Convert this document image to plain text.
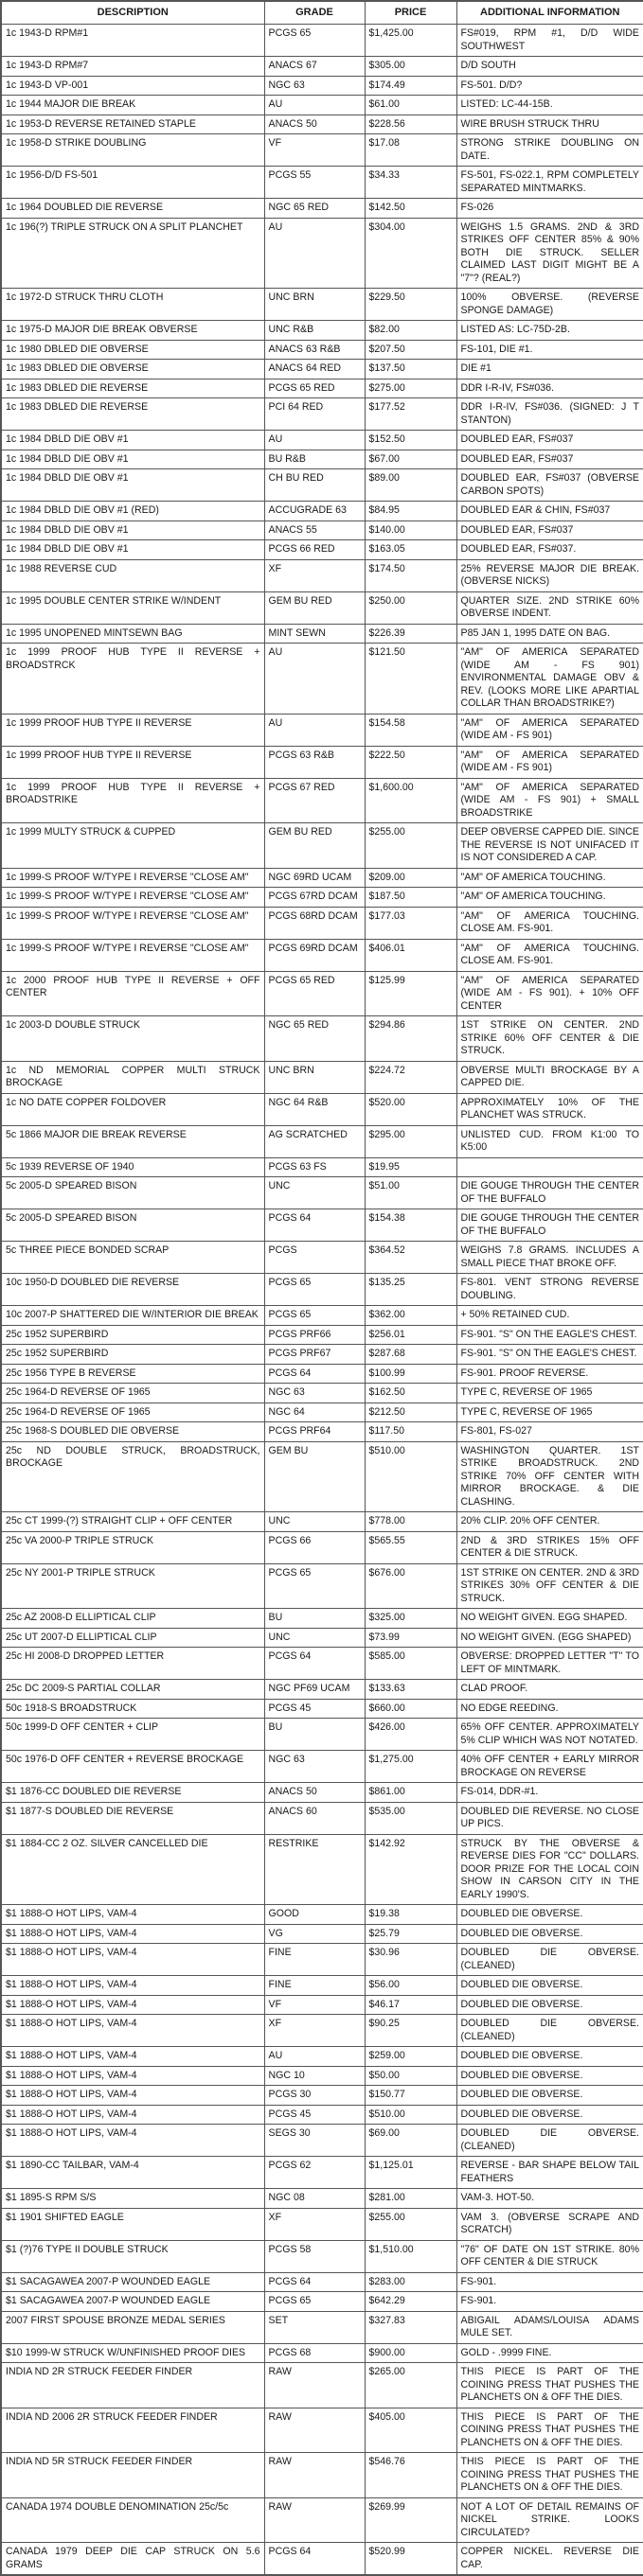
DESCRIPTION	GRADE	PRICE	ADDITIONAL INFORMATION
1c 1943-D RPM#1	PCGS 65	$1,425.00	FS#019, RPM #1, D/D WIDE SOUTHWEST
1c 1943-D RPM#7	ANACS 67	$305.00	D/D SOUTH
1c 1943-D VP-001	NGC 63	$174.49	FS-501. D/D?
1c 1944 MAJOR DIE BREAK	AU	$61.00	LISTED: LC-44-15B.
1c 1953-D REVERSE RETAINED STAPLE	ANACS 50	$228.56	WIRE BRUSH STRUCK THRU
1c 1958-D STRIKE DOUBLING	VF	$17.08	STRONG STRIKE DOUBLING ON DATE.
1c 1956-D/D FS-501	PCGS 55	$34.33	FS-501, FS-022.1, RPM COMPLETELY SEPARATED MINTMARKS.
1c 1964 DOUBLED DIE REVERSE	NGC 65 RED	$142.50	FS-026
1c 196(?) TRIPLE STRUCK ON A SPLIT PLANCHET	AU	$304.00	WEIGHS 1.5 GRAMS. 2ND & 3RD STRIKES OFF CENTER 85% & 90% BOTH DIE STRUCK. SELLER CLAIMED LAST DIGIT MIGHT BE A "7"? (REAL?)
1c 1972-D STRUCK THRU CLOTH	UNC BRN	$229.50	100% OBVERSE. (REVERSE SPONGE DAMAGE)
1c 1975-D MAJOR DIE BREAK OBVERSE	UNC R&B	$82.00	LISTED AS: LC-75D-2B.
1c 1980 DBLED DIE OBVERSE	ANACS 63 R&B	$207.50	FS-101, DIE #1.
1c 1983 DBLED DIE OBVERSE	ANACS 64 RED	$137.50	DIE #1
1c 1983 DBLED DIE REVERSE	PCGS 65 RED	$275.00	DDR I-R-IV, FS#036.
1c 1983 DBLED DIE REVERSE	PCI 64 RED	$177.52	DDR I-R-IV, FS#036. (SIGNED: J T STANTON)
1c 1984 DBLD DIE OBV #1	AU	$152.50	DOUBLED EAR, FS#037
1c 1984 DBLD DIE OBV #1	BU R&B	$67.00	DOUBLED EAR, FS#037
1c 1984 DBLD DIE OBV #1	CH BU RED	$89.00	DOUBLED EAR, FS#037 (OBVERSE CARBON SPOTS)
1c 1984 DBLD DIE OBV #1 (RED)	ACCUGRADE 63	$84.95	DOUBLED EAR & CHIN, FS#037
1c 1984 DBLD DIE OBV #1	ANACS 55	$140.00	DOUBLED EAR, FS#037
1c 1984 DBLD DIE OBV #1	PCGS 66 RED	$163.05	DOUBLED EAR, FS#037.
1c 1988 REVERSE CUD	XF	$174.50	25% REVERSE MAJOR DIE BREAK. (OBVERSE NICKS)
1c 1995 DOUBLE CENTER STRIKE W/INDENT	GEM BU RED	$250.00	QUARTER SIZE. 2ND STRIKE 60% OBVERSE INDENT.
1c 1995 UNOPENED MINTSEWN BAG	MINT SEWN	$226.39	P85 JAN 1, 1995 DATE ON BAG.
1c 1999 PROOF HUB TYPE II REVERSE + BROADSTRCK	AU	$121.50	"AM" OF AMERICA SEPARATED (WIDE AM - FS 901) ENVIRONMENTAL DAMAGE OBV & REV. (LOOKS MORE LIKE APARTIAL COLLAR THAN BROADSTRIKE?)
1c 1999 PROOF HUB TYPE II REVERSE	AU	$154.58	"AM" OF AMERICA SEPARATED (WIDE AM - FS 901)
1c 1999 PROOF HUB TYPE II REVERSE	PCGS 63 R&B	$222.50	"AM" OF AMERICA SEPARATED (WIDE AM - FS 901)
1c 1999 PROOF HUB TYPE II REVERSE + BROADSTRIKE	PCGS 67 RED	$1,600.00	"AM" OF AMERICA SEPARATED (WIDE AM - FS 901) + SMALL BROADSTRIKE
1c 1999 MULTY STRUCK & CUPPED	GEM BU RED	$255.00	DEEP OBVERSE CAPPED DIE. SINCE THE REVERSE IS NOT UNIFACED IT IS NOT CONSIDERED A CAP.
1c 1999-S PROOF W/TYPE I REVERSE "CLOSE AM"	NGC 69RD UCAM	$209.00	"AM" OF AMERICA TOUCHING.
1c 1999-S PROOF W/TYPE I REVERSE "CLOSE AM"	PCGS 67RD DCAM	$187.50	"AM" OF AMERICA TOUCHING.
1c 1999-S PROOF W/TYPE I REVERSE "CLOSE AM"	PCGS 68RD DCAM	$177.03	"AM" OF AMERICA TOUCHING. CLOSE AM. FS-901.
1c 1999-S PROOF W/TYPE I REVERSE "CLOSE AM"	PCGS 69RD DCAM	$406.01	"AM" OF AMERICA TOUCHING. CLOSE AM. FS-901.
1c 2000 PROOF HUB TYPE II REVERSE + OFF CENTER	PCGS 65 RED	$125.99	"AM" OF AMERICA SEPARATED (WIDE AM - FS 901). + 10% OFF CENTER
1c 2003-D DOUBLE STRUCK	NGC 65 RED	$294.86	1ST STRIKE ON CENTER. 2ND STRIKE 60% OFF CENTER & DIE STRUCK.
1c ND MEMORIAL COPPER MULTI STRUCK BROCKAGE	UNC BRN	$224.72	OBVERSE MULTI BROCKAGE BY A CAPPED DIE.
1c NO DATE COPPER FOLDOVER	NGC 64 R&B	$520.00	APPROXIMATELY 10% OF THE PLANCHET WAS STRUCK.
5c 1866 MAJOR DIE BREAK REVERSE	AG SCRATCHED	$295.00	UNLISTED CUD. FROM K1:00 TO K5:00
5c 1939 REVERSE OF 1940	PCGS 63 FS	$19.95	
5c 2005-D SPEARED BISON	UNC	$51.00	DIE GOUGE THROUGH THE CENTER OF THE BUFFALO
5c 2005-D SPEARED BISON	PCGS 64	$154.38	DIE GOUGE THROUGH THE CENTER OF THE BUFFALO
5c THREE PIECE BONDED SCRAP	PCGS	$364.52	WEIGHS 7.8 GRAMS. INCLUDES A SMALL PIECE THAT BROKE OFF.
10c 1950-D DOUBLED DIE REVERSE	PCGS 65	$135.25	FS-801. VENT STRONG REVERSE DOUBLING.
10c 2007-P SHATTERED DIE W/INTERIOR DIE BREAK	PCGS 65	$362.00	+ 50% RETAINED CUD.
25c 1952 SUPERBIRD	PCGS PRF66	$256.01	FS-901. "S" ON THE EAGLE'S CHEST.
25c 1952 SUPERBIRD	PCGS PRF67	$287.68	FS-901. "S" ON THE EAGLE'S CHEST.
25c 1956 TYPE B REVERSE	PCGS 64	$100.99	FS-901. PROOF REVERSE.
25c 1964-D REVERSE OF 1965	NGC 63	$162.50	TYPE C, REVERSE OF 1965
25c 1964-D REVERSE OF 1965	NGC 64	$212.50	TYPE C, REVERSE OF 1965
25c 1968-S DOUBLED DIE OBVERSE	PCGS PRF64	$117.50	FS-801, FS-027
25c ND DOUBLE STRUCK, BROADSTRUCK, BROCKAGE	GEM BU	$510.00	WASHINGTON QUARTER. 1ST STRIKE BROADSTRUCK. 2ND STRIKE 70% OFF CENTER WITH MIRROR BROCKAGE. & DIE CLASHING.
25c CT 1999-(?) STRAIGHT CLIP + OFF CENTER	UNC	$778.00	20% CLIP. 20% OFF CENTER.
25c VA 2000-P TRIPLE STRUCK	PCGS 66	$565.55	2ND & 3RD STRIKES 15% OFF CENTER & DIE STRUCK.
25c NY 2001-P TRIPLE STRUCK	PCGS 65	$676.00	1ST STRIKE ON CENTER. 2ND & 3RD STRIKES 30% OFF CENTER & DIE STRUCK.
25c AZ 2008-D ELLIPTICAL CLIP	BU	$325.00	NO WEIGHT GIVEN. EGG SHAPED.
25c UT 2007-D ELLIPTICAL CLIP	UNC	$73.99	NO WEIGHT GIVEN. (EGG SHAPED)
25c HI 2008-D DROPPED LETTER	PCGS 64	$585.00	OBVERSE: DROPPED LETTER "T" TO LEFT OF MINTMARK.
25c DC 2009-S PARTIAL COLLAR	NGC PF69 UCAM	$133.63	CLAD PROOF.
50c 1918-S BROADSTRUCK	PCGS 45	$660.00	NO EDGE REEDING.
50c 1999-D OFF CENTER + CLIP	BU	$426.00	65% OFF CENTER. APPROXIMATELY 5% CLIP WHICH WAS NOT NOTATED.
50c 1976-D OFF CENTER + REVERSE BROCKAGE	NGC 63	$1,275.00	40% OFF CENTER + EARLY MIRROR BROCKAGE ON REVERSE
$1 1876-CC DOUBLED DIE REVERSE	ANACS 50	$861.00	FS-014, DDR-#1.
$1 1877-S DOUBLED DIE REVERSE	ANACS 60	$535.00	DOUBLED DIE REVERSE. NO CLOSE UP PICS.
$1 1884-CC 2 OZ. SILVER CANCELLED DIE	RESTRIKE	$142.92	STRUCK BY THE OBVERSE & REVERSE DIES FOR "CC" DOLLARS. DOOR PRIZE FOR THE LOCAL COIN SHOW IN CARSON CITY IN THE EARLY 1990'S.
$1 1888-O HOT LIPS, VAM-4	GOOD	$19.38	DOUBLED DIE OBVERSE.
$1 1888-O HOT LIPS, VAM-4	VG	$25.79	DOUBLED DIE OBVERSE.
$1 1888-O HOT LIPS, VAM-4	FINE	$30.96	DOUBLED DIE OBVERSE. (CLEANED)
$1 1888-O HOT LIPS, VAM-4	FINE	$56.00	DOUBLED DIE OBVERSE.
$1 1888-O HOT LIPS, VAM-4	VF	$46.17	DOUBLED DIE OBVERSE.
$1 1888-O HOT LIPS, VAM-4	XF	$90.25	DOUBLED DIE OBVERSE. (CLEANED)
$1 1888-O HOT LIPS, VAM-4	AU	$259.00	DOUBLED DIE OBVERSE.
$1 1888-O HOT LIPS, VAM-4	NGC 10	$50.00	DOUBLED DIE OBVERSE.
$1 1888-O HOT LIPS, VAM-4	PCGS 30	$150.77	DOUBLED DIE OBVERSE.
$1 1888-O HOT LIPS, VAM-4	PCGS 45	$510.00	DOUBLED DIE OBVERSE.
$1 1888-O HOT LIPS, VAM-4	SEGS 30	$69.00	DOUBLED DIE OBVERSE. (CLEANED)
$1 1890-CC TAILBAR, VAM-4	PCGS 62	$1,125.01	REVERSE - BAR SHAPE BELOW TAIL FEATHERS
$1 1895-S RPM S/S	NGC 08	$281.00	VAM-3. HOT-50.
$1 1901 SHIFTED EAGLE	XF	$255.00	VAM 3. (OBVERSE SCRAPE AND SCRATCH)
$1 (?)76 TYPE II DOUBLE STRUCK	PCGS 58	$1,510.00	"76" OF DATE ON 1ST STRIKE. 80% OFF CENTER & DIE STRUCK
$1 SACAGAWEA 2007-P WOUNDED EAGLE	PCGS 64	$283.00	FS-901.
$1 SACAGAWEA 2007-P WOUNDED EAGLE	PCGS 65	$642.29	FS-901.
2007 FIRST SPOUSE BRONZE MEDAL SERIES	SET	$327.83	ABIGAIL ADAMS/LOUISA ADAMS MULE SET.
$10 1999-W STRUCK W/UNFINISHED PROOF DIES	PCGS 68	$900.00	GOLD - .9999 FINE.
INDIA ND 2R STRUCK FEEDER FINDER	RAW	$265.00	THIS PIECE IS PART OF THE COINING PRESS THAT PUSHES THE PLANCHETS ON & OFF THE DIES.
INDIA ND 2006 2R STRUCK FEEDER FINDER	RAW	$405.00	THIS PIECE IS PART OF THE COINING PRESS THAT PUSHES THE PLANCHETS ON & OFF THE DIES.
INDIA ND 5R STRUCK FEEDER FINDER	RAW	$546.76	THIS PIECE IS PART OF THE COINING PRESS THAT PUSHES THE PLANCHETS ON & OFF THE DIES.
CANADA 1974 DOUBLE DENOMINATION 25c/5c	RAW	$269.99	NOT A LOT OF DETAIL REMAINS OF NICKEL STRIKE. LOOKS CIRCULATED?
CANADA 1979 DEEP DIE CAP STRUCK ON 5.6 GRAMS	PCGS 64	$520.99	COPPER NICKEL. REVERSE DIE CAP.
